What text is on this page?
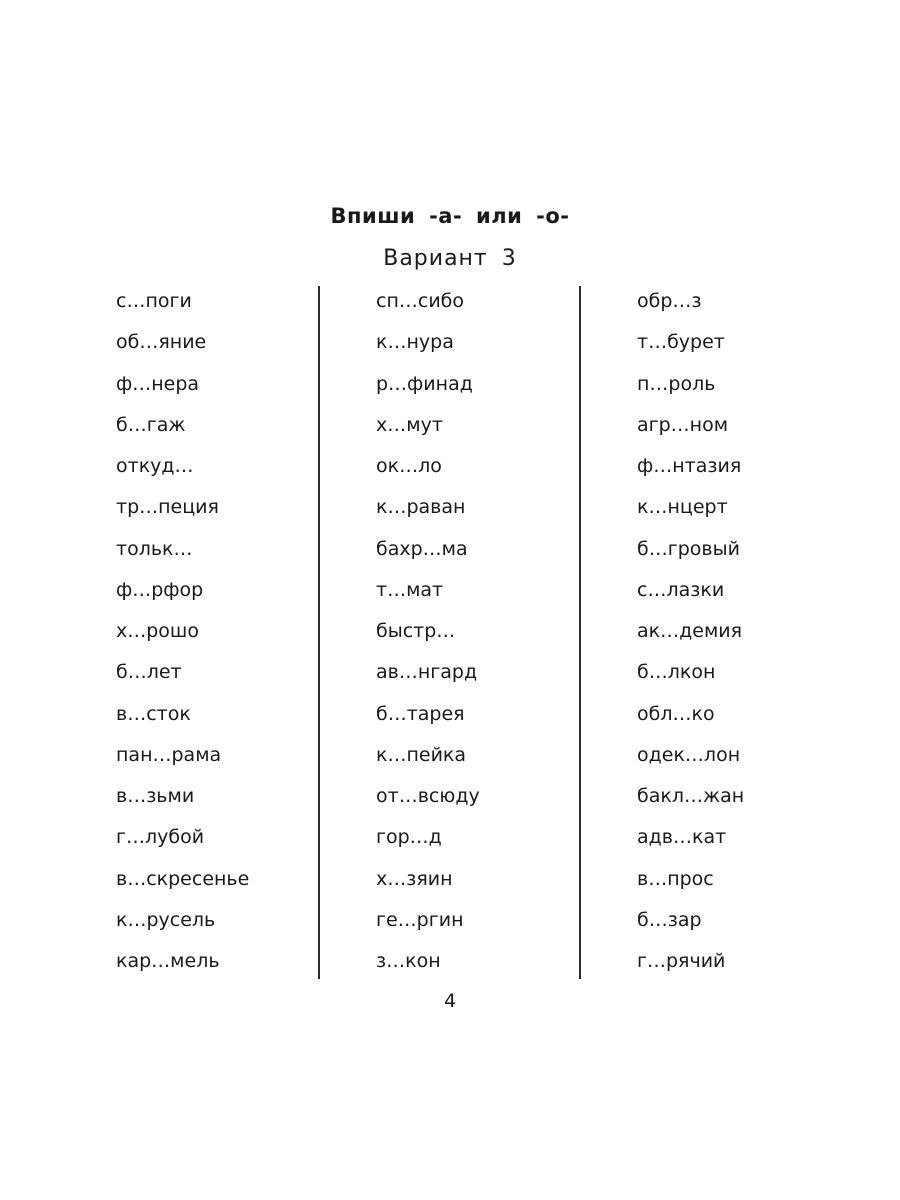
Впиши -а- или -о-
Вариант 3
с…поги
об…яние
ф…нера
б…гаж
откуд…
тр…пеция
тольк…
ф…рфор
х…рошо
б…лет
в…сток
пан…рама
в…зьми
г…лубой
в…скресенье
к…русель
кар…мель
сп…сибо
к…нура
р…финад
х…мут
ок…ло
к…раван
бахр…ма
т…мат
быстр…
ав…нгард
б…тарея
к…пейка
от…всюду
гор…д
х…зяин
ге…ргин
з…кон
обр…з
т…бурет
п…роль
агр…ном
ф…нтазия
к…нцерт
б…гровый
с…лазки
ак…демия
б…лкон
обл…ко
одек…лон
бакл…жан
адв…кат
в…прос
б…зар
г…рячий
4
